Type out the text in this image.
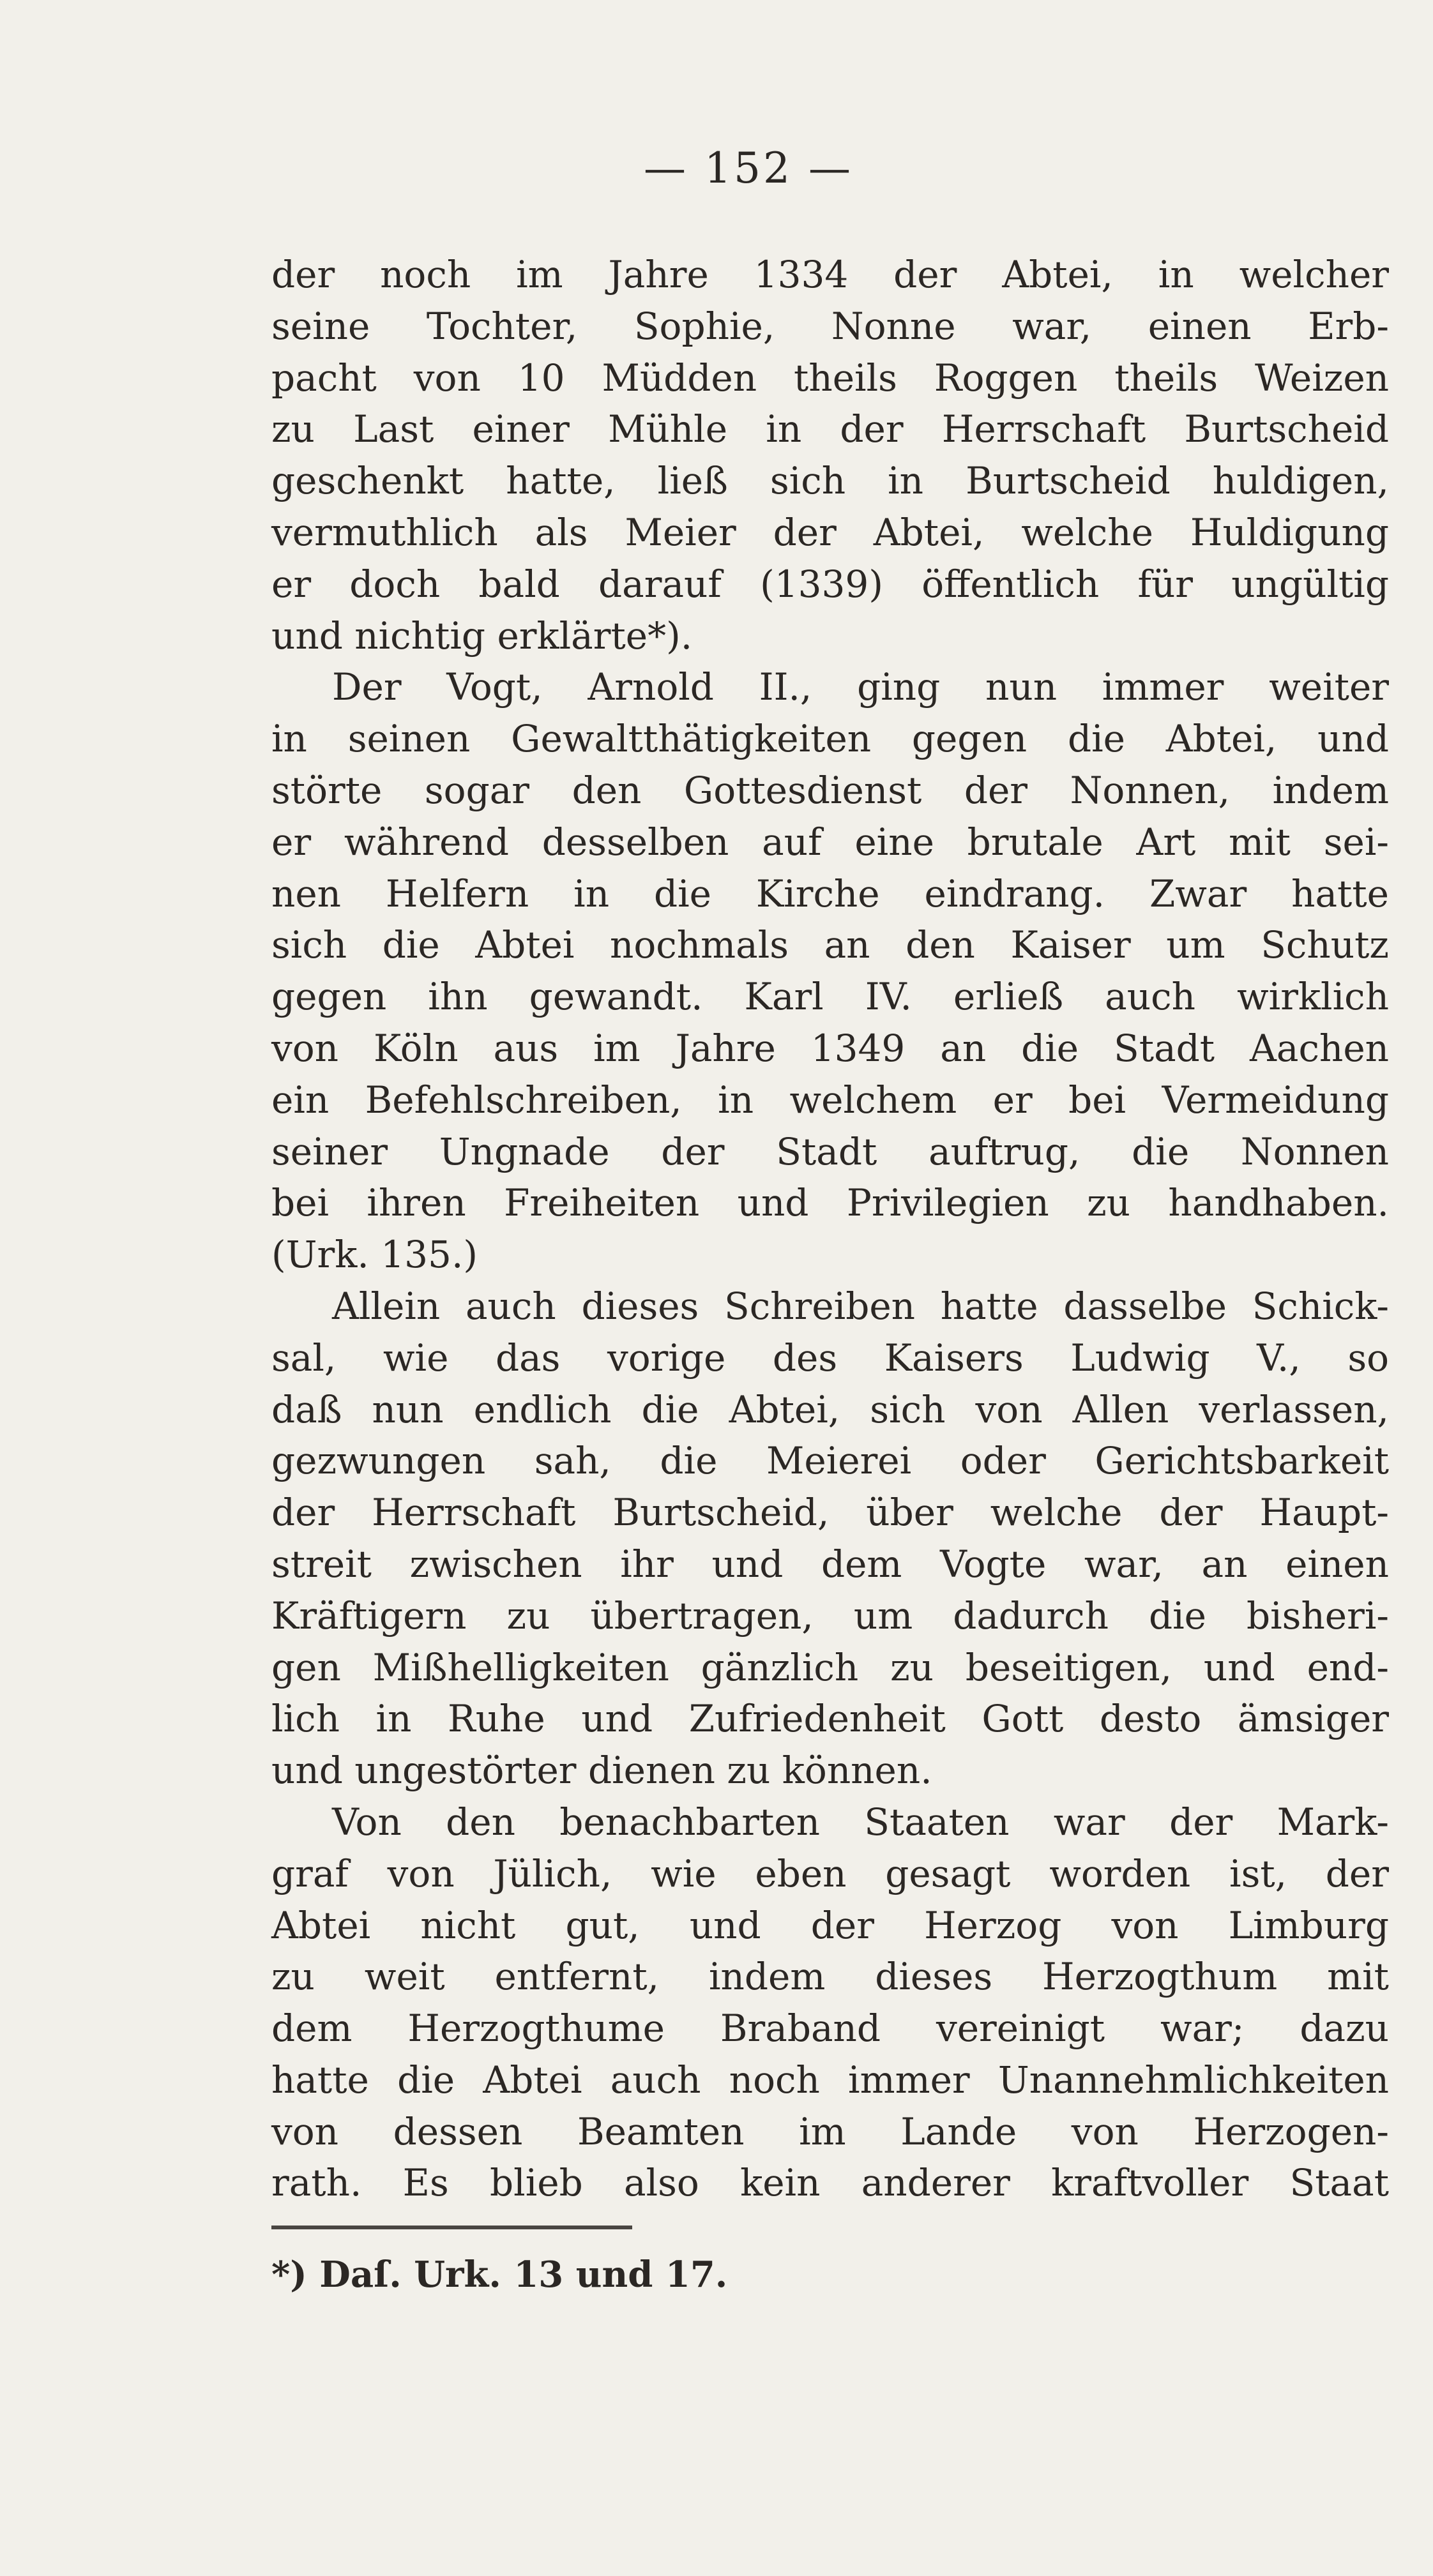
— 152 —
der noch im Jahre 1334 der Abtei, in welcher
seine Tochter, Sophie, Nonne war, einen Erb-
pacht von 10 Müdden theils Roggen theils Weizen
zu Last einer Mühle in der Herrschaft Burtscheid
geschenkt hatte, ließ sich in Burtscheid huldigen,
vermuthlich als Meier der Abtei, welche Huldigung
er doch bald darauf (1339) öffentlich für ungültig
und nichtig erklärte*).
Der Vogt, Arnold II., ging nun immer weiter
in seinen Gewaltthätigkeiten gegen die Abtei, und
störte sogar den Gottesdienst der Nonnen, indem
er während desselben auf eine brutale Art mit sei-
nen Helfern in die Kirche eindrang. Zwar hatte
sich die Abtei nochmals an den Kaiser um Schutz
gegen ihn gewandt. Karl IV. erließ auch wirklich
von Köln aus im Jahre 1349 an die Stadt Aachen
ein Befehlschreiben, in welchem er bei Vermeidung
seiner Ungnade der Stadt auftrug, die Nonnen
bei ihren Freiheiten und Privilegien zu handhaben.
(Urk. 135.)
Allein auch dieses Schreiben hatte dasselbe Schick-
sal, wie das vorige des Kaisers Ludwig V., so
daß nun endlich die Abtei, sich von Allen verlassen,
gezwungen sah, die Meierei oder Gerichtsbarkeit
der Herrschaft Burtscheid, über welche der Haupt-
streit zwischen ihr und dem Vogte war, an einen
Kräftigern zu übertragen, um dadurch die bisheri-
gen Mißhelligkeiten gänzlich zu beseitigen, und end-
lich in Ruhe und Zufriedenheit Gott desto ämsiger
und ungestörter dienen zu können.
Von den benachbarten Staaten war der Mark-
graf von Jülich, wie eben gesagt worden ist, der
Abtei nicht gut, und der Herzog von Limburg
zu weit entfernt, indem dieses Herzogthum mit
dem Herzogthume Braband vereinigt war; dazu
hatte die Abtei auch noch immer Unannehmlichkeiten
von dessen Beamten im Lande von Herzogen-
rath. Es blieb also kein anderer kraftvoller Staat
*) Daſ. Urk. 13 und 17.
